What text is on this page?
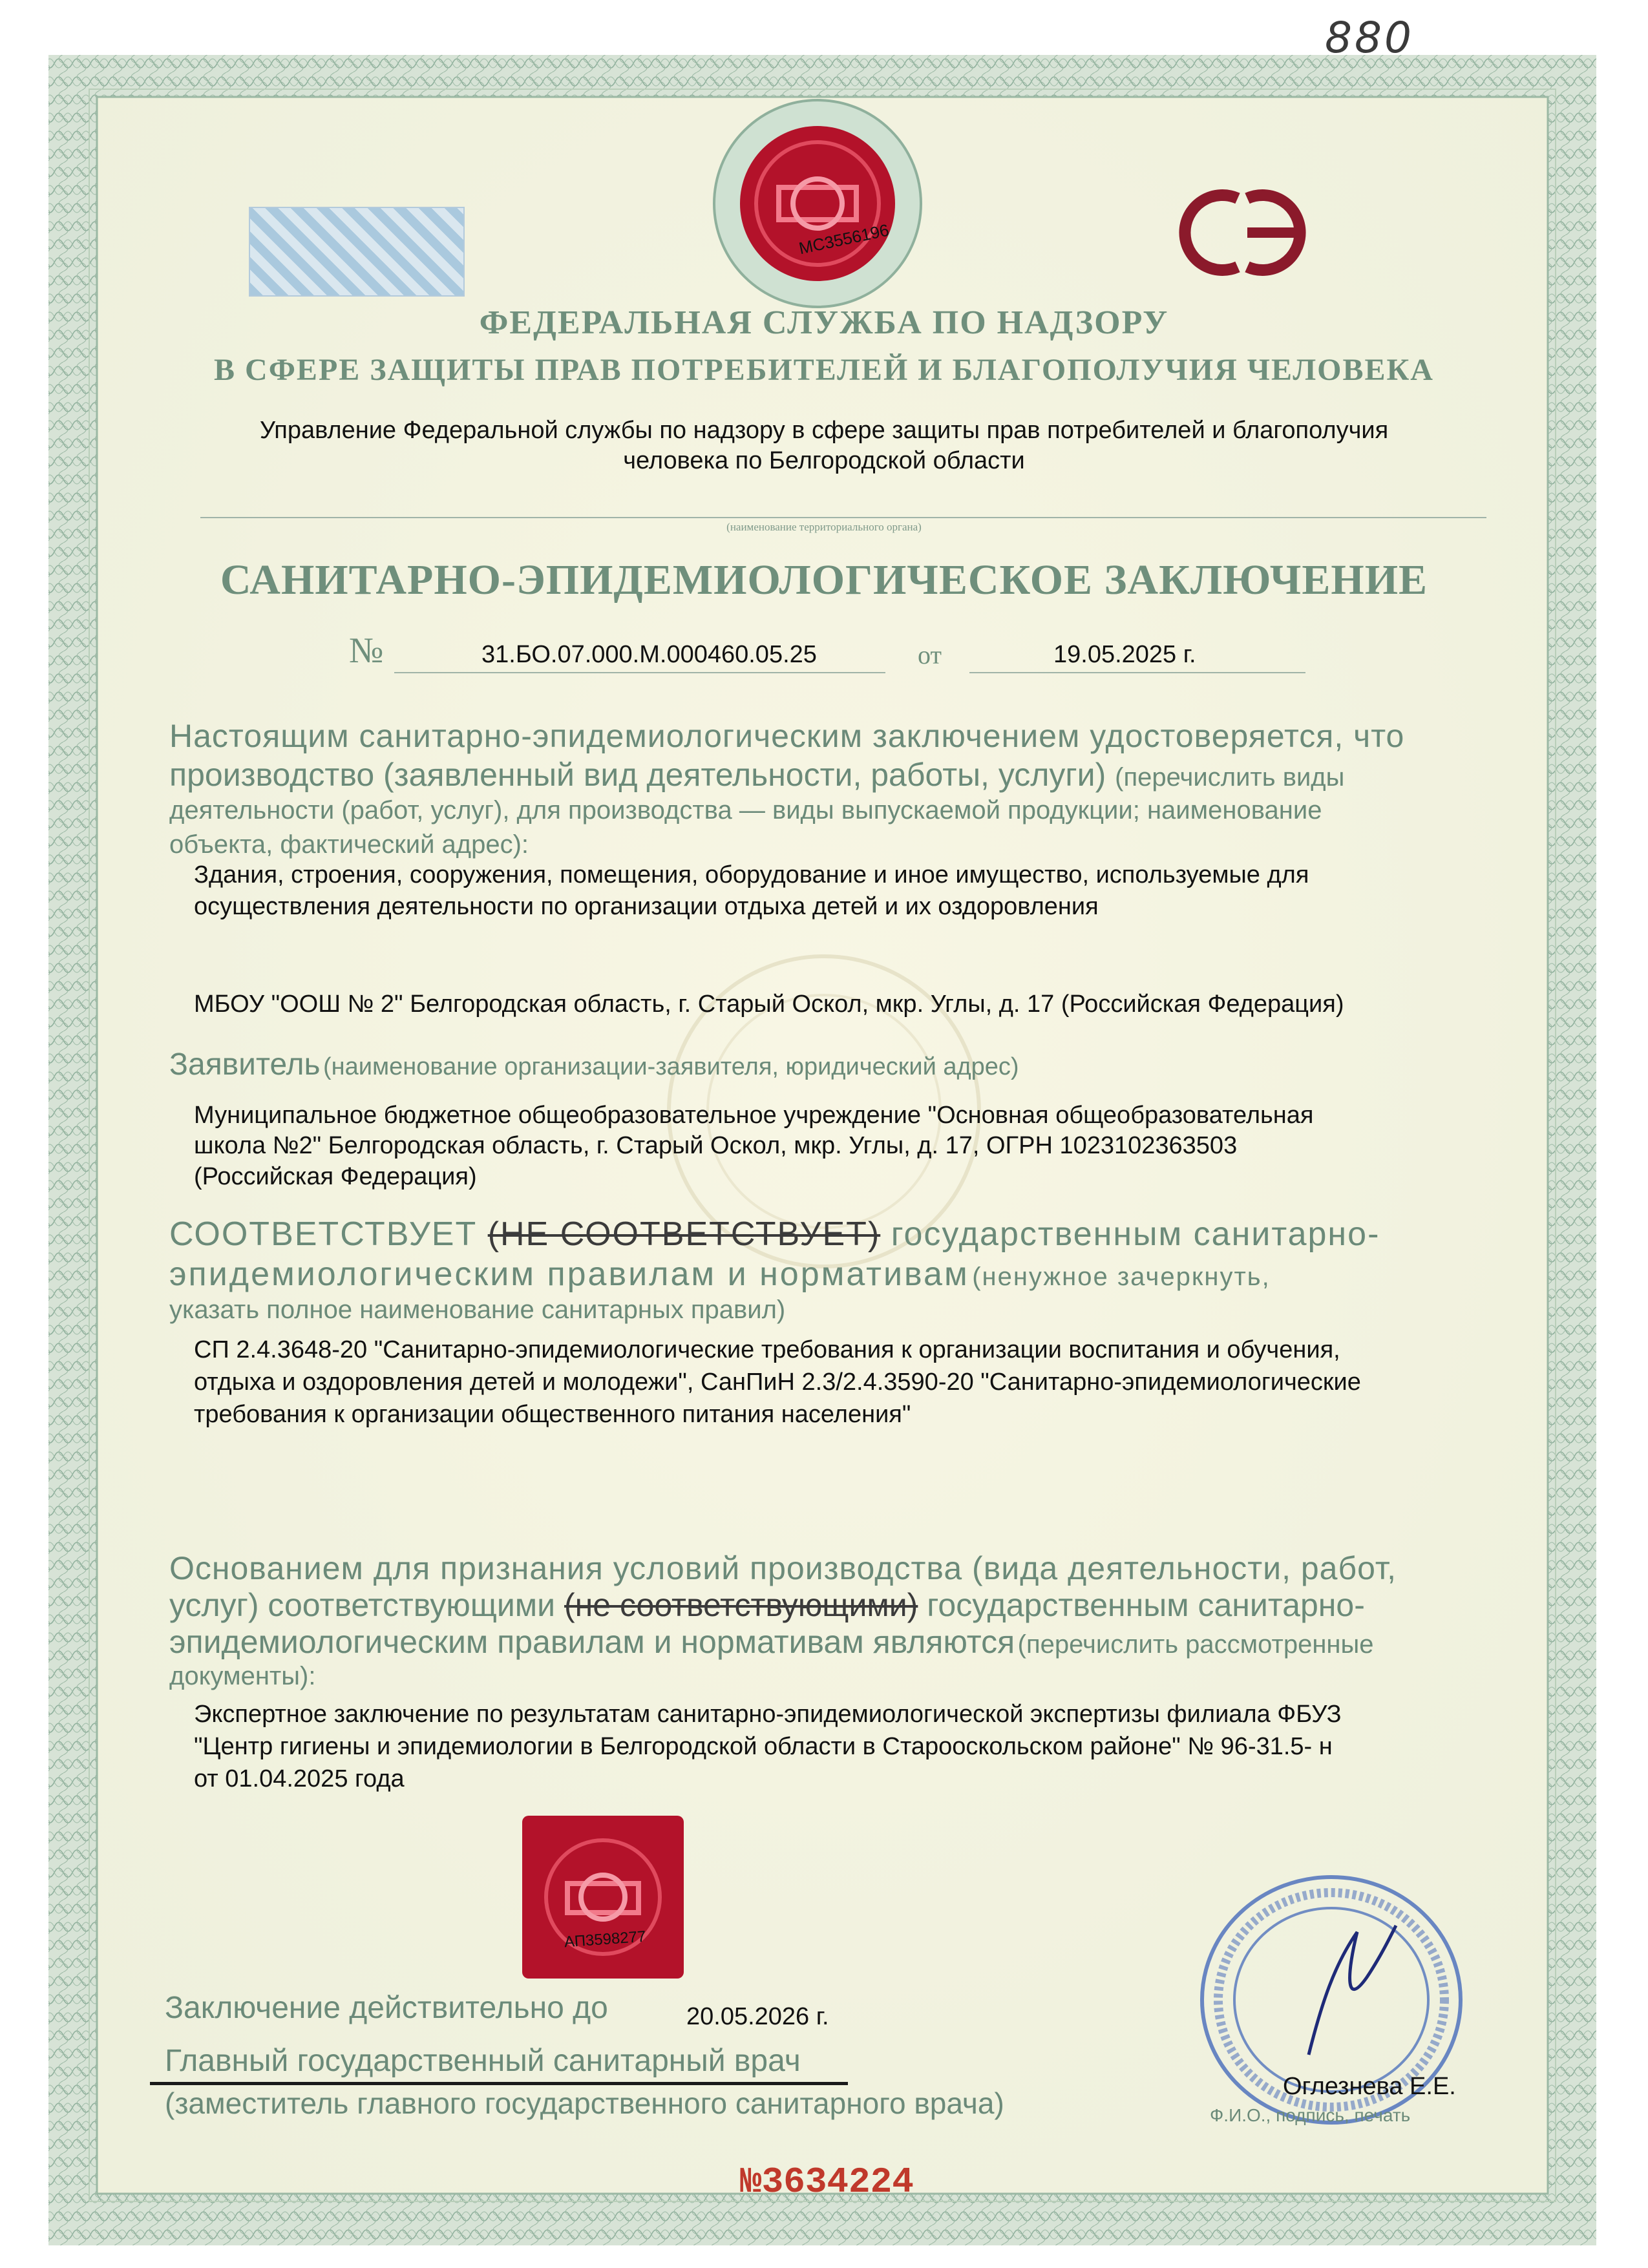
880
МС3556196
ФЕДЕРАЛЬНАЯ СЛУЖБА ПО НАДЗОРУ
В СФЕРЕ ЗАЩИТЫ ПРАВ ПОТРЕБИТЕЛЕЙ И БЛАГОПОЛУЧИЯ ЧЕЛОВЕКА
Управление Федеральной службы по надзору в сфере защиты прав потребителей и благополучия
человека по Белгородской области
(наименование территориального органа)
САНИТАРНО-ЭПИДЕМИОЛОГИЧЕСКОЕ ЗАКЛЮЧЕНИЕ
№	31.БО.07.000.М.000460.05.25	от	19.05.2025 г.
Настоящим санитарно-эпидемиологическим заключением удостоверяется, что
производство (заявленный вид деятельности, работы, услуги) (перечислить виды
деятельности (работ, услуг), для производства — виды выпускаемой продукции; наименование
объекта, фактический адрес):
Здания, строения, сооружения, помещения, оборудование и иное имущество, используемые для
осуществления деятельности по организации отдыха детей и их оздоровления
МБОУ "ООШ № 2" Белгородская область, г. Старый Оскол, мкр. Углы, д. 17 (Российская Федерация)
Заявитель (наименование организации-заявителя, юридический адрес)
Муниципальное бюджетное общеобразовательное учреждение "Основная общеобразовательная
школа №2" Белгородская область, г. Старый Оскол, мкр. Углы, д. 17, ОГРН 1023102363503
(Российская Федерация)
СООТВЕТСТВУЕТ (НЕ СООТВЕТСТВУЕТ) государственным санитарно-
эпидемиологическим правилам и нормативам (ненужное зачеркнуть,
указать полное наименование санитарных правил)
СП 2.4.3648-20 "Санитарно-эпидемиологические требования к организации воспитания и обучения,
отдыха и оздоровления детей и молодежи", СанПиН 2.3/2.4.3590-20 "Санитарно-эпидемиологические
требования к организации общественного питания населения"
Основанием для признания условий производства (вида деятельности, работ,
услуг) соответствующими (не соответствующими) государственным санитарно-
эпидемиологическим правилам и нормативам являются (перечислить рассмотренные
документы):
Экспертное заключение по результатам санитарно-эпидемиологической экспертизы филиала ФБУЗ
"Центр гигиены и эпидемиологии в Белгородской области в Старооскольском районе" № 96-31.5- н
от 01.04.2025 года
АП3598277
Заключение действительно до	20.05.2026 г.
Главный государственный санитарный врач
(заместитель главного государственного санитарного врача)	Оглезнева Е.Е.
Ф.И.О., подпись, печать
№3634224
